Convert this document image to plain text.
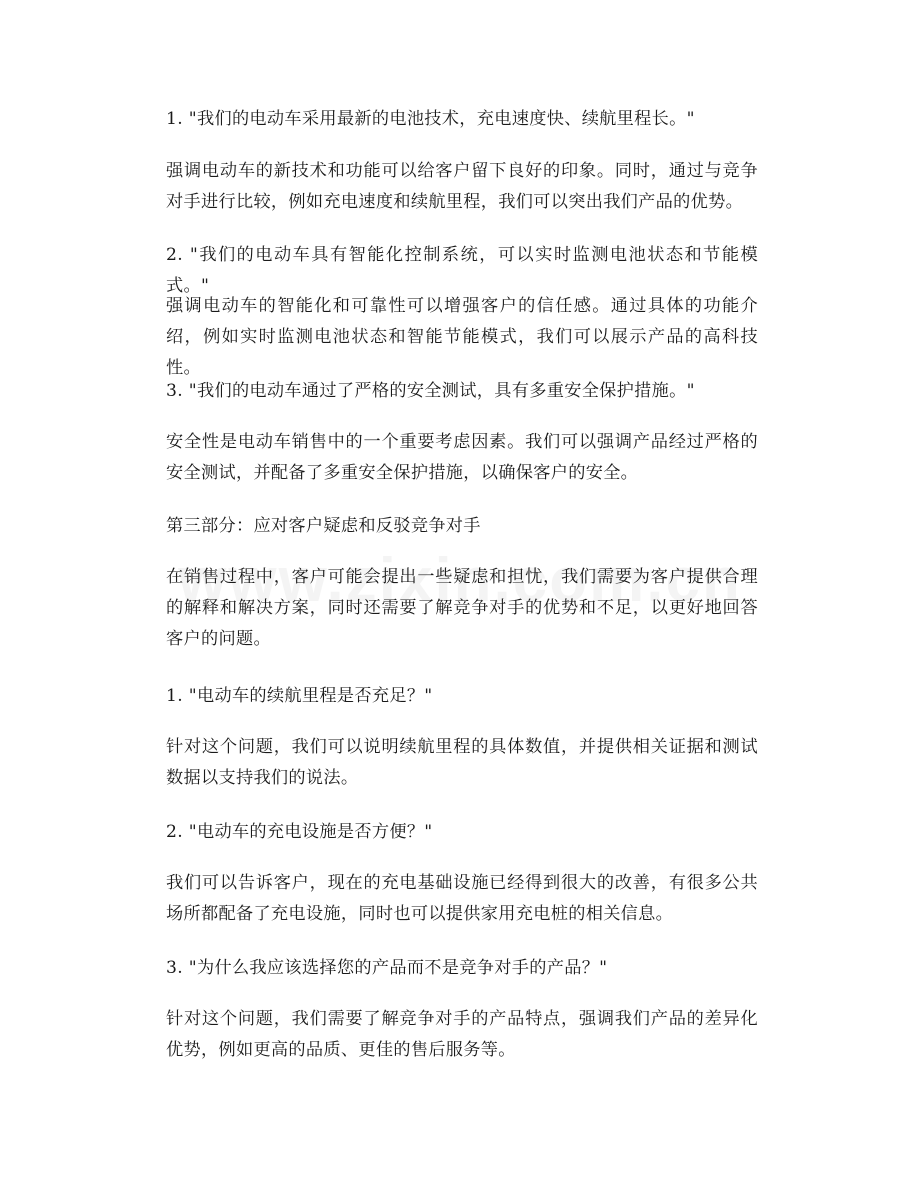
1. "我们的电动车采用最新的电池技术，充电速度快、续航里程长。"

强调电动车的新技术和功能可以给客户留下良好的印象。同时，通过与竞争对手进行比较，例如充电速度和续航里程，我们可以突出我们产品的优势。

2. "我们的电动车具有智能化控制系统，可以实时监测电池状态和节能模式。"

强调电动车的智能化和可靠性可以增强客户的信任感。通过具体的功能介绍，例如实时监测电池状态和智能节能模式，我们可以展示产品的高科技性。

3. "我们的电动车通过了严格的安全测试，具有多重安全保护措施。"

安全性是电动车销售中的一个重要考虑因素。我们可以强调产品经过严格的安全测试，并配备了多重安全保护措施，以确保客户的安全。

第三部分：应对客户疑虑和反驳竞争对手

在销售过程中，客户可能会提出一些疑虑和担忧，我们需要为客户提供合理的解释和解决方案，同时还需要了解竞争对手的优势和不足，以更好地回答客户的问题。

1. "电动车的续航里程是否充足？"

针对这个问题，我们可以说明续航里程的具体数值，并提供相关证据和测试数据以支持我们的说法。

2. "电动车的充电设施是否方便？"

我们可以告诉客户，现在的充电基础设施已经得到很大的改善，有很多公共场所都配备了充电设施，同时也可以提供家用充电桩的相关信息。

3. "为什么我应该选择您的产品而不是竞争对手的产品？"

针对这个问题，我们需要了解竞争对手的产品特点，强调我们产品的差异化优势，例如更高的品质、更佳的售后服务等。
